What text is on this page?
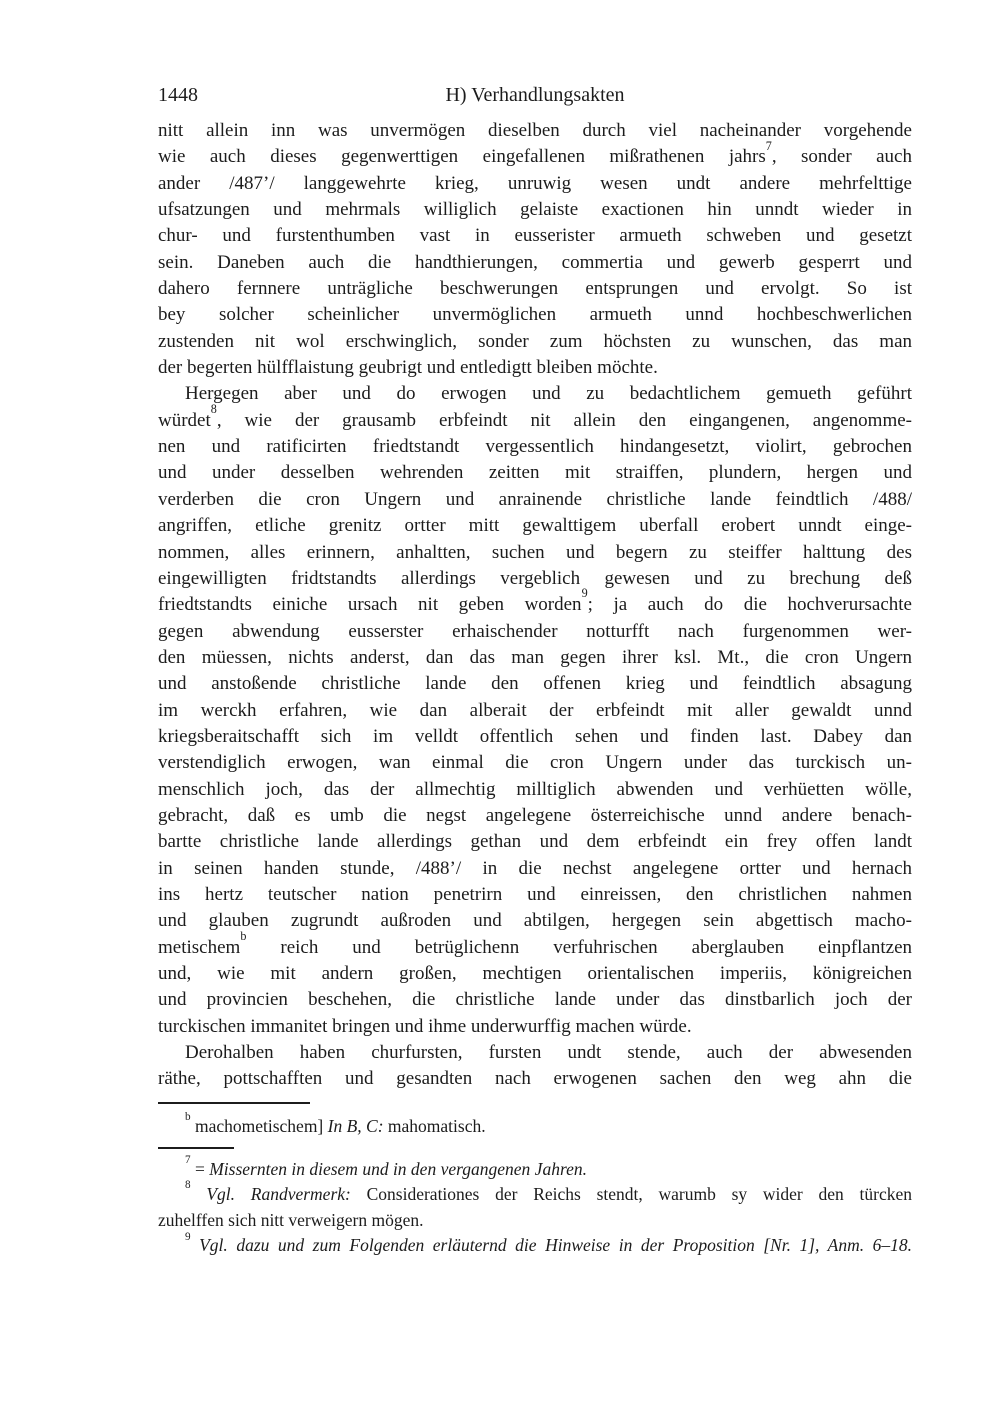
1448	H) Verhandlungsakten
nitt allein inn was unvermögen dieselben durch viel nacheinander vorgehende
wie auch dieses gegenwerttigen eingefallenen mißrathenen jahrs$^7$, sonder auch
ander /487’/ langgewehrte krieg, unruwig wesen undt andere mehrfelttige
ufsatzungen und mehrmals williglich gelaiste exactionen hin unndt wieder in
chur- und furstenthumben vast in eusserister armueth schweben und gesetzt
sein. Daneben auch die handthierungen, commertia und gewerb gesperrt und
dahero fernnere unträgliche beschwerungen entsprungen und ervolgt. So ist
bey solcher scheinlicher unvermöglichen armueth unnd hochbeschwerlichen
zustenden nit wol erschwinglich, sonder zum höchsten zu wunschen, das man
der begerten hülfflaistung geubrigt und entledigtt bleiben möchte.
Hergegen aber und do erwogen und zu bedachtlichem gemueth geführt
würdet$^8$, wie der grausamb erbfeindt nit allein den eingangenen, angenomme-
nen und ratificirten friedtstandt vergessentlich hindangesetzt, violirt, gebrochen
und under desselben wehrenden zeitten mit straiffen, plundern, hergen und
verderben die cron Ungern und anrainende christliche lande feindtlich /488/
angriffen, etliche grenitz ortter mitt gewalttigem uberfall erobert unndt einge-
nommen, alles erinnern, anhaltten, suchen und begern zu steiffer halttung des
eingewilligten fridtstandts allerdings vergeblich gewesen und zu brechung deß
friedtstandts einiche ursach nit geben worden$^9$; ja auch do die hochverursachte
gegen abwendung eusserster erhaischender notturfft nach furgenommen wer-
den müessen, nichts anderst, dan das man gegen ihrer ksl. Mt., die cron Ungern
und anstoßende christliche lande den offenen krieg und feindtlich absagung
im werckh erfahren, wie dan alberait der erbfeindt mit aller gewaldt unnd
kriegsberaitschafft sich im velldt offentlich sehen und finden last. Dabey dan
verstendiglich erwogen, wan einmal die cron Ungern under das turckisch un-
menschlich joch, das der allmechtig milltiglich abwenden und verhüetten wölle,
gebracht, daß es umb die negst angelegene österreichische unnd andere benach-
bartte christliche lande allerdings gethan und dem erbfeindt ein frey offen landt
in seinen handen stunde, /488’/ in die nechst angelegene ortter und hernach
ins hertz teutscher nation penetrirn und einreissen, den christlichen nahmen
und glauben zugrundt außroden und abtilgen, hergegen sein abgettisch macho-
metischem$^b$ reich und betrüglichenn verfuhrischen aberglauben einpflantzen
und, wie mit andern großen, mechtigen orientalischen imperiis, königreichen
und provincien beschehen, die christliche lande under das dinstbarlich joch der
turckischen immanitet bringen und ihme underwurffig machen würde.
Derohalben haben churfursten, fursten undt stende, auch der abwesenden
räthe, pottschafften und gesandten nach erwogenen sachen den weg ahn die
$^b$ machometischem] In B, C: mahomatisch.
$^7$ = Missernten in diesem und in den vergangenen Jahren.
$^8$ Vgl. Randvermerk: Considerationes der Reichs stendt, warumb sy wider den türcken
zuhelffen sich nitt verweigern mögen.
$^9$ Vgl. dazu und zum Folgenden erläuternd die Hinweise in der Proposition [Nr. 1], Anm. 6–18.
